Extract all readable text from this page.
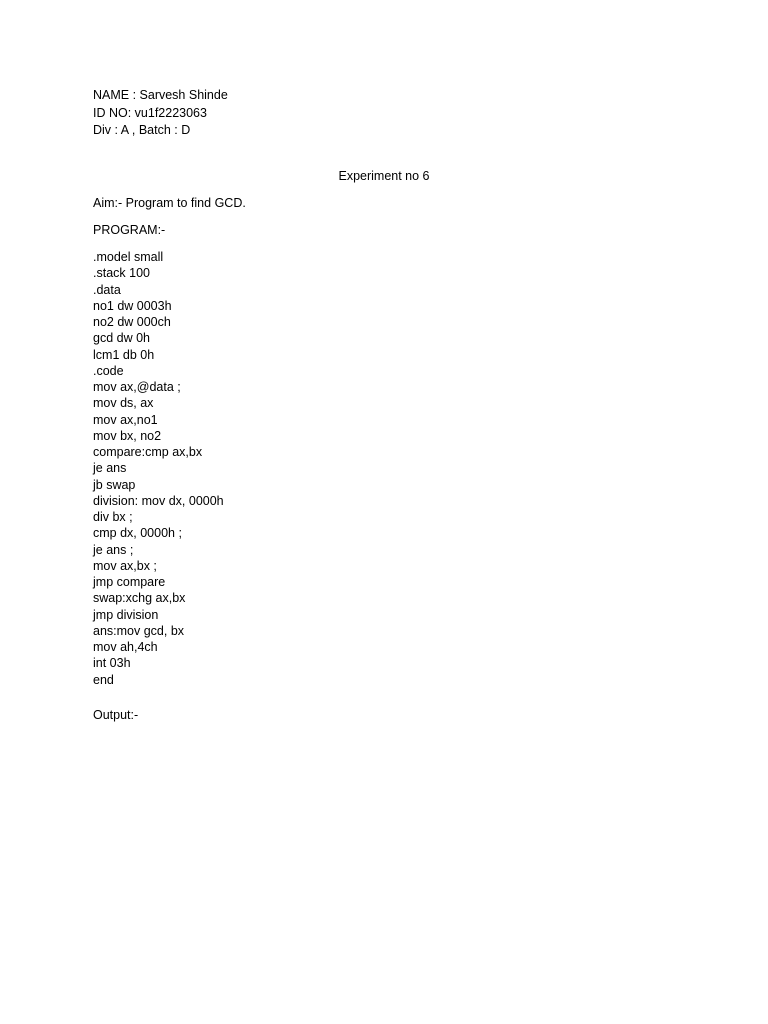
NAME : Sarvesh Shinde
ID NO: vu1f2223063
Div : A , Batch : D
Experiment no 6
Aim:- Program to find GCD.
PROGRAM:-
.model small
.stack 100
.data
no1 dw 0003h
no2 dw 000ch
gcd dw 0h
lcm1 db 0h
.code
mov ax,@data ;
mov ds, ax
mov ax,no1
mov bx, no2
compare:cmp ax,bx
je ans
jb swap
division: mov dx, 0000h
div bx ;
cmp dx, 0000h ;
je ans ;
mov ax,bx ;
jmp compare
swap:xchg ax,bx
jmp division
ans:mov gcd, bx
mov ah,4ch
int 03h
end
Output:-
